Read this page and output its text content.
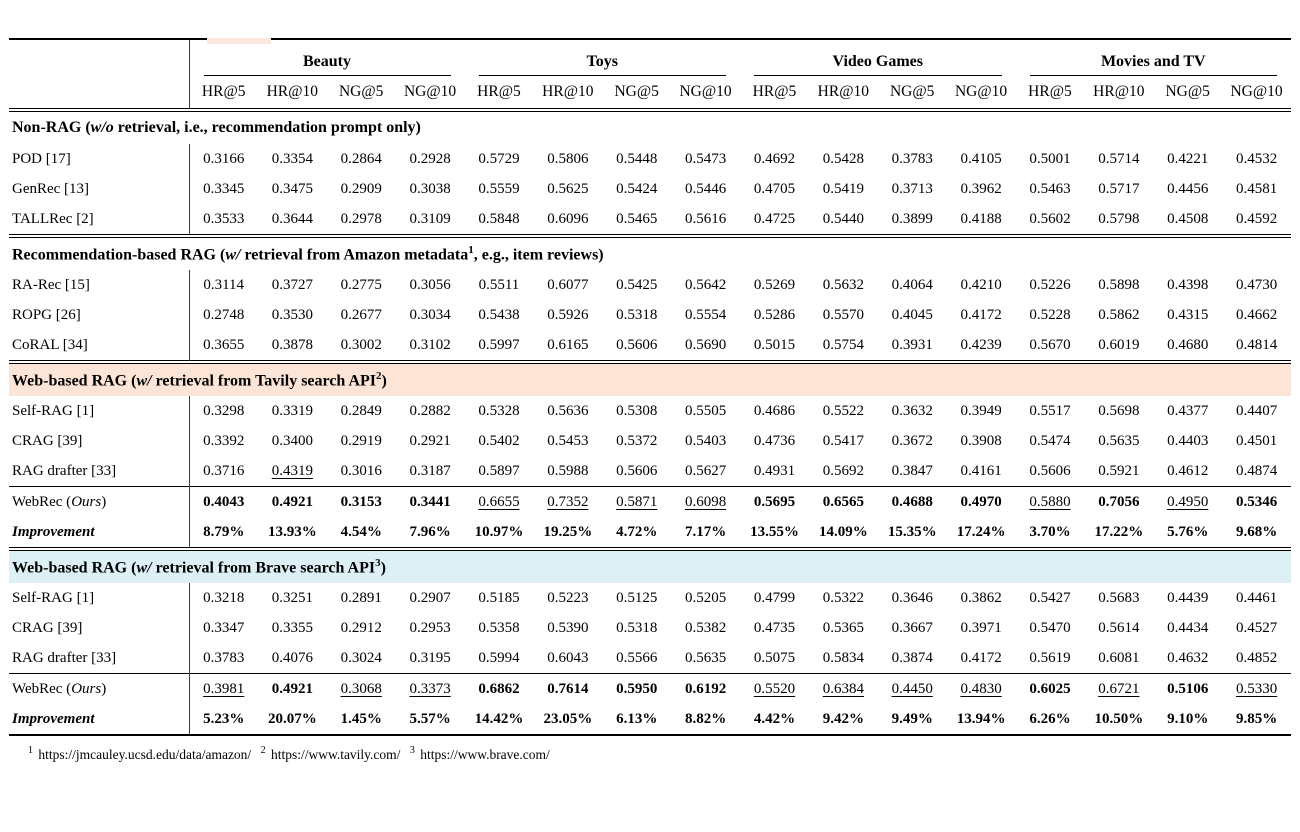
	Beauty				Toys				Video Games				Movies and TV			

	HR@5	HR@10	NG@5	NG@10	HR@5	HR@10	NG@5	NG@10	HR@5	HR@10	NG@5	NG@10	HR@5	HR@10	NG@5	NG@10

Non-RAG (w/o retrieval, i.e., recommendation prompt only)																
POD [17]	0.3166	0.3354	0.2864	0.2928	0.5729	0.5806	0.5448	0.5473	0.4692	0.5428	0.3783	0.4105	0.5001	0.5714	0.4221	0.4532
GenRec [13]	0.3345	0.3475	0.2909	0.3038	0.5559	0.5625	0.5424	0.5446	0.4705	0.5419	0.3713	0.3962	0.5463	0.5717	0.4456	0.4581
TALLRec [2]	0.3533	0.3644	0.2978	0.3109	0.5848	0.6096	0.5465	0.5616	0.4725	0.5440	0.3899	0.4188	0.5602	0.5798	0.4508	0.4592

Recommendation-based RAG (w/ retrieval from Amazon metadata$^1$, e.g., item reviews)																
RA-Rec [15]	0.3114	0.3727	0.2775	0.3056	0.5511	0.6077	0.5425	0.5642	0.5269	0.5632	0.4064	0.4210	0.5226	0.5898	0.4398	0.4730
ROPG [26]	0.2748	0.3530	0.2677	0.3034	0.5438	0.5926	0.5318	0.5554	0.5286	0.5570	0.4045	0.4172	0.5228	0.5862	0.4315	0.4662
CoRAL [34]	0.3655	0.3878	0.3002	0.3102	0.5997	0.6165	0.5606	0.5690	0.5015	0.5754	0.3931	0.4239	0.5670	0.6019	0.4680	0.4814

Web-based RAG (w/ retrieval from Tavily search API$^2$)																
Self-RAG [1]	0.3298	0.3319	0.2849	0.2882	0.5328	0.5636	0.5308	0.5505	0.4686	0.5522	0.3632	0.3949	0.5517	0.5698	0.4377	0.4407
CRAG [39]	0.3392	0.3400	0.2919	0.2921	0.5402	0.5453	0.5372	0.5403	0.4736	0.5417	0.3672	0.3908	0.5474	0.5635	0.4403	0.4501
RAG drafter [33]	0.3716	0.4319	0.3016	0.3187	0.5897	0.5988	0.5606	0.5627	0.4931	0.5692	0.3847	0.4161	0.5606	0.5921	0.4612	0.4874
WebRec (Ours)	0.4043	0.4921	0.3153	0.3441	0.6655	0.7352	0.5871	0.6098	0.5695	0.6565	0.4688	0.4970	0.5880	0.7056	0.4950	0.5346
Improvement	8.79%	13.93%	4.54%	7.96%	10.97%	19.25%	4.72%	7.17%	13.55%	14.09%	15.35%	17.24%	3.70%	17.22%	5.76%	9.68%

Web-based RAG (w/ retrieval from Brave search API$^3$)																
Self-RAG [1]	0.3218	0.3251	0.2891	0.2907	0.5185	0.5223	0.5125	0.5205	0.4799	0.5322	0.3646	0.3862	0.5427	0.5683	0.4439	0.4461
CRAG [39]	0.3347	0.3355	0.2912	0.2953	0.5358	0.5390	0.5318	0.5382	0.4735	0.5365	0.3667	0.3971	0.5470	0.5614	0.4434	0.4527
RAG drafter [33]	0.3783	0.4076	0.3024	0.3195	0.5994	0.6043	0.5566	0.5635	0.5075	0.5834	0.3874	0.4172	0.5619	0.6081	0.4632	0.4852
WebRec (Ours)	0.3981	0.4921	0.3068	0.3373	0.6862	0.7614	0.5950	0.6192	0.5520	0.6384	0.4450	0.4830	0.6025	0.6721	0.5106	0.5330
Improvement	5.23%	20.07%	1.45%	5.57%	14.42%	23.05%	6.13%	8.82%	4.42%	9.42%	9.49%	13.94%	6.26%	10.50%	9.10%	9.85%

$^1$ https://jmcauley.ucsd.edu/data/amazon/ $^2$ https://www.tavily.com/ $^3$ https://www.brave.com/
